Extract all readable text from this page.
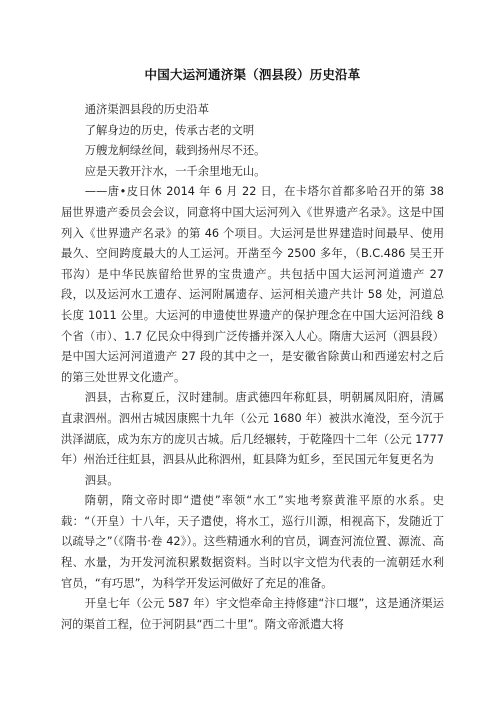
中国大运河通济渠（泗县段）历史沿革

通济渠泗县段的历史沿革

了解身边的历史，传承古老的文明

万艘龙舸绿丝间，载到扬州尽不还。

应是天教开汴水，一千余里地无山。

——唐•皮日休 2014 年 6 月 22 日，在卡塔尔首都多哈召开的第 38 届世界遗产委员会会议，同意将中国大运河列入《世界遗产名录》。这是中国列入《世界遗产名录》的第 46 个项目。大运河是世界建造时间最早、使用最久、空间跨度最大的人工运河。开凿至今 2500 多年，（B.C.486 吴王开邗沟）是中华民族留给世界的宝贵遗产。共包括中国大运河河道遗产 27 段，以及运河水工遗存、运河附属遗存、运河相关遗产共计 58 处，河道总长度 1011 公里。大运河的申遗使世界遗产的保护理念在中国大运河沿线 8 个省（市）、1.7 亿民众中得到广泛传播并深入人心。隋唐大运河（泗县段）是中国大运河河道遗产 27 段的其中之一，是安徽省除黄山和西递宏村之后的第三处世界文化遗产。

泗县，古称夏丘，汉时建制。唐武德四年称虹县，明朝属凤阳府，清属直隶泗州。泗州古城因康熙十九年（公元 1680 年）被洪水淹没，至今沉于洪泽湖底，成为东方的庞贝古城。后几经辗转，于乾隆四十二年（公元 1777 年）州治迁往虹县，泗县从此称泗州，虹县降为虹乡，至民国元年复更名为

泗县。

隋朝，隋文帝时即“遣使”率领“水工”实地考察黄淮平原的水系。史载：“（开皇）十八年，天子遣使，将水工，巡行川源，相视高下，发随近丁以疏导之”（《隋书·卷 42》）。这些精通水利的官员，调查河流位置、源流、高程、水量，为开发河流积累数据资料。当时以宇文恺为代表的一流朝廷水利官员，“有巧思”，为科学开发运河做好了充足的准备。

开皇七年（公元 587 年）宇文恺牵命主持修建“汴口堰”，这是通济渠运河的渠首工程，位于河阴县“西二十里”。隋文帝派遣大将
